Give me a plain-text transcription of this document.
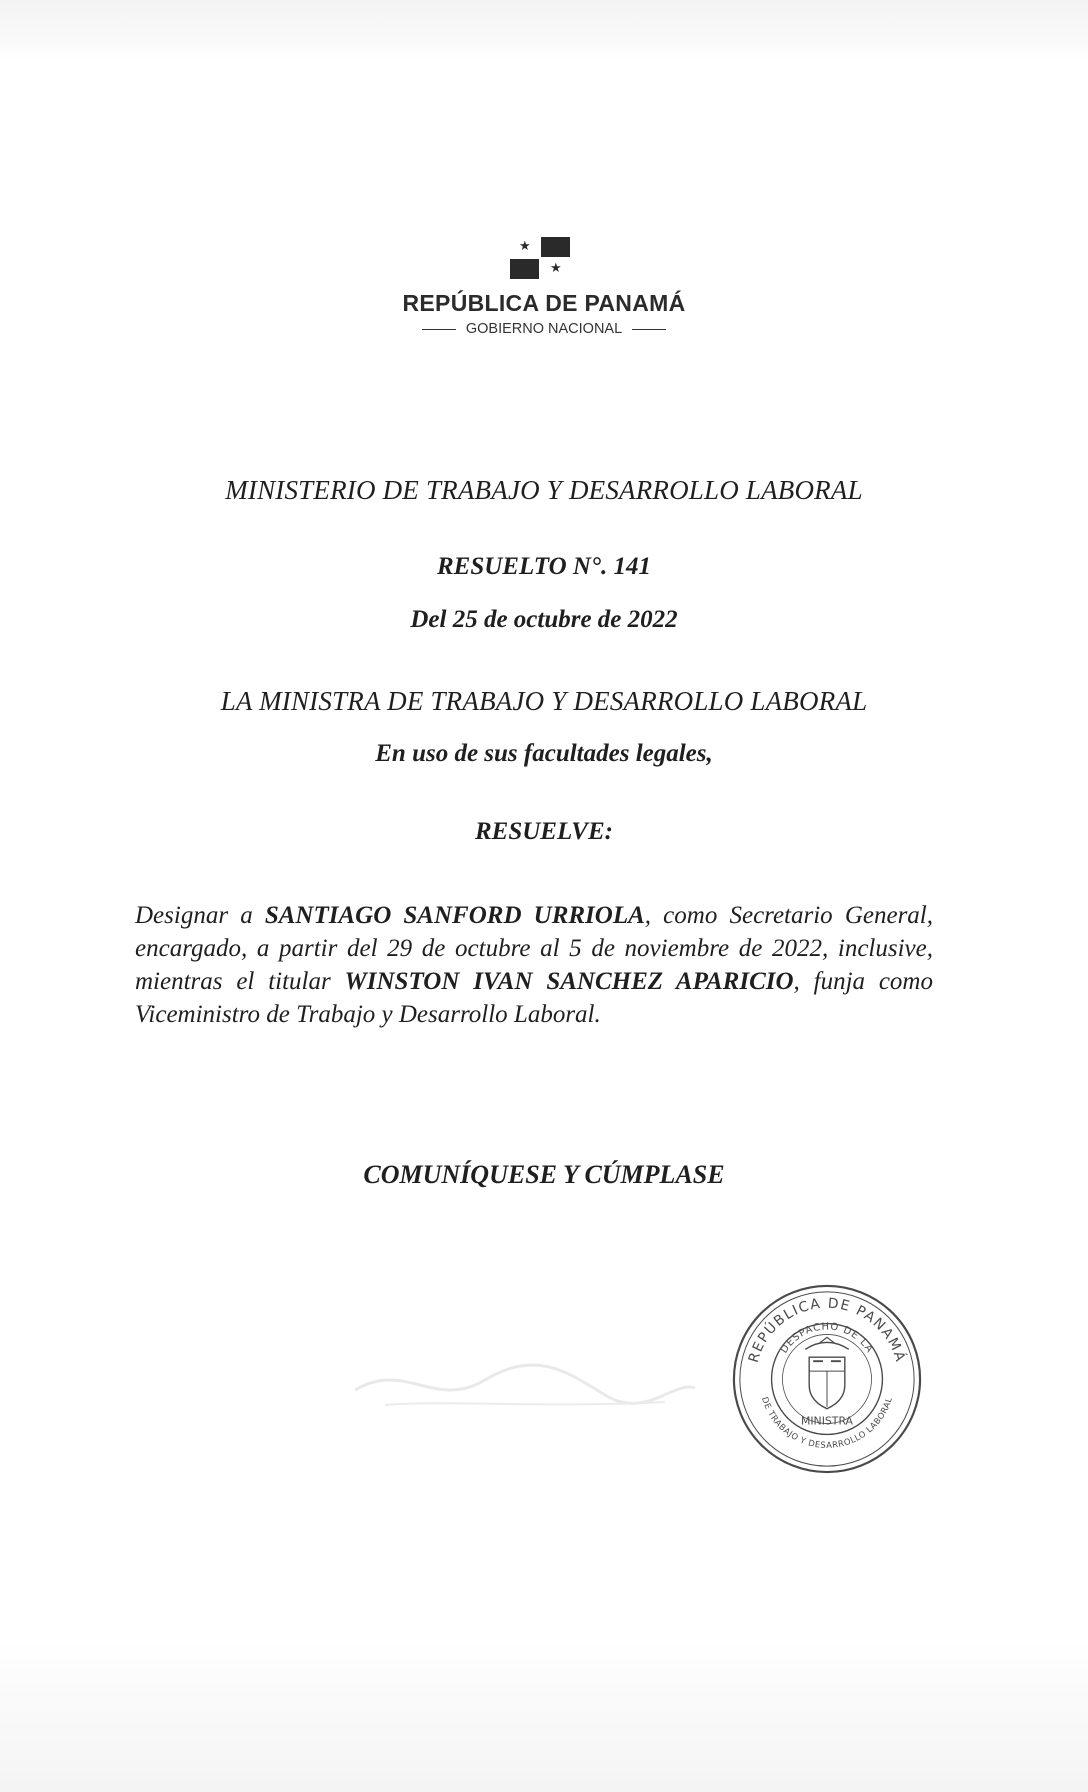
★
★
REPÚBLICA DE PANAMÁ
GOBIERNO NACIONAL
MINISTERIO DE TRABAJO Y DESARROLLO LABORAL
RESUELTO N°. 141
Del 25 de octubre de 2022
LA MINISTRA DE TRABAJO Y DESARROLLO LABORAL
En uso de sus facultades legales,
RESUELVE:
Designar a SANTIAGO SANFORD URRIOLA, como Secretario General, encargado, a partir del 29 de octubre al 5 de noviembre de 2022, inclusive, mientras el titular WINSTON IVAN SANCHEZ APARICIO, funja como Viceministro de Trabajo y Desarrollo Laboral.
COMUNÍQUESE Y CÚMPLASE
REPÚBLICA DE PANAMÁ
DESPACHO DE LA
DE TRABAJO Y DESARROLLO LABORAL
MINISTRA
